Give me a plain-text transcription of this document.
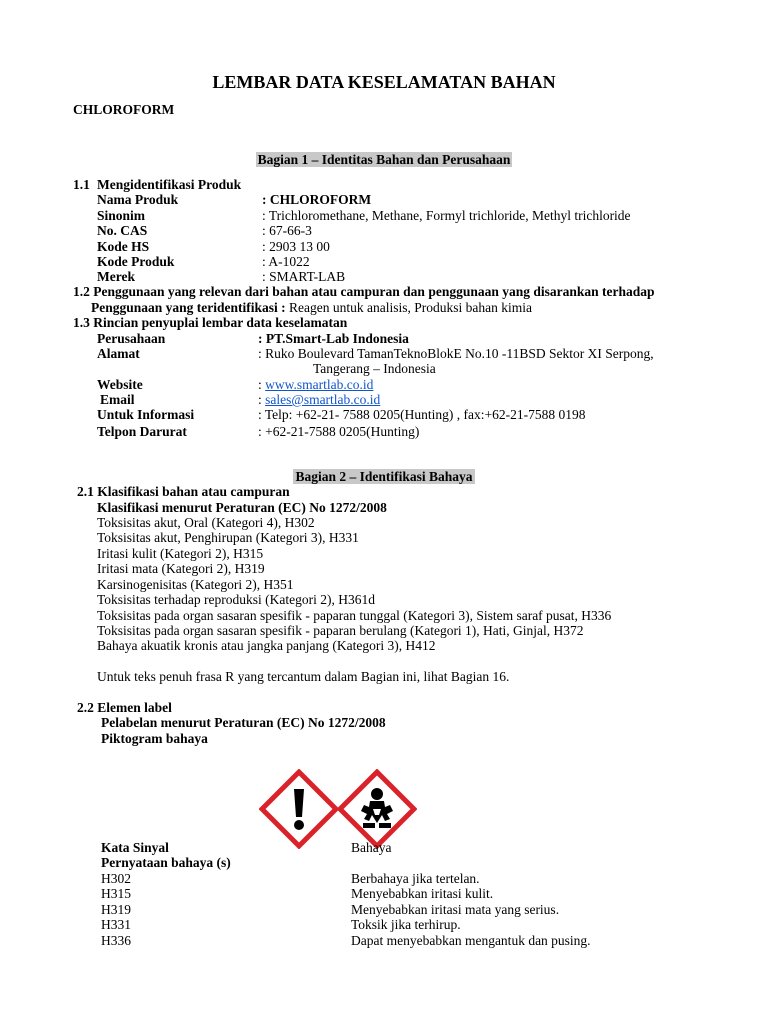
LEMBAR DATA KESELAMATAN BAHAN
CHLOROFORM
Bagian 1 – Identitas Bahan dan Perusahaan
1.1 Mengidentifikasi Produk
Nama Produk	: CHLOROFORM
Sinonim	: Trichloromethane, Methane, Formyl trichloride, Methyl trichloride
No. CAS	: 67-66-3
Kode HS	: 2903 13 00
Kode Produk	: A-1022
Merek	: SMART-LAB
1.2 Penggunaan yang relevan dari bahan atau campuran dan penggunaan yang disarankan terhadap
Penggunaan yang teridentifikasi : Reagen untuk analisis, Produksi bahan kimia
1.3 Rincian penyuplai lembar data keselamatan
Perusahaan	: PT.Smart-Lab Indonesia
Alamat	: Ruko Boulevard TamanTeknoBlokE No.10 -11BSD Sektor XI Serpong,
Tangerang – Indonesia
Website	: www.smartlab.co.id
Email	: sales@smartlab.co.id
Untuk Informasi	: Telp: +62-21- 7588 0205(Hunting) , fax:+62-21-7588 0198
Telpon Darurat	: +62-21-7588 0205(Hunting)
Bagian 2 – Identifikasi Bahaya
2.1 Klasifikasi bahan atau campuran
Klasifikasi menurut Peraturan (EC) No 1272/2008
Toksisitas akut, Oral (Kategori 4), H302
Toksisitas akut, Penghirupan (Kategori 3), H331
Iritasi kulit (Kategori 2), H315
Iritasi mata (Kategori 2), H319
Karsinogenisitas (Kategori 2), H351
Toksisitas terhadap reproduksi (Kategori 2), H361d
Toksisitas pada organ sasaran spesifik - paparan tunggal (Kategori 3), Sistem saraf pusat, H336
Toksisitas pada organ sasaran spesifik - paparan berulang (Kategori 1), Hati, Ginjal, H372
Bahaya akuatik kronis atau jangka panjang (Kategori 3), H412
Untuk teks penuh frasa R yang tercantum dalam Bagian ini, lihat Bagian 16.
2.2 Elemen label
Pelabelan menurut Peraturan (EC) No 1272/2008
Piktogram bahaya
Kata Sinyal	Bahaya
Pernyataan bahaya (s)
H302	Berbahaya jika tertelan.
H315	Menyebabkan iritasi kulit.
H319	Menyebabkan iritasi mata yang serius.
H331	Toksik jika terhirup.
H336	Dapat menyebabkan mengantuk dan pusing.
